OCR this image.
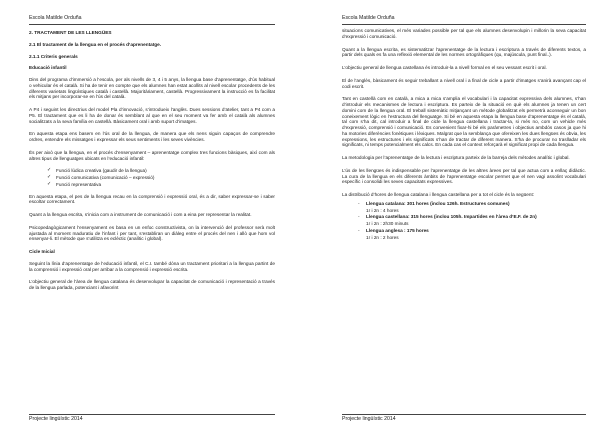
Escola Matilde Orduña
2. TRACTAMENT DE LES LLENGÜES
2.1 El tractament de la llengua en el procés d’aprenentatge.
2.1.1 Criteris generals
Educació infantil

Dins del programa d’immersió a l’escola, per als nivells de 3, 4 i 5 anys, la llengua base d’aprenentatge, d’ús habitual o vehicular és el català. Si ha de tenir en compte que els alumnes han estat acollits al nivell escolar procedents de les diferents varietats lingüístiques català i castellà. Majoritàriament, castellà. Progressivament la instrucció es fa facilitat els mitjans per incorporar-se en l’ús del català.

A P4 i seguint les directrius del model Pla d’innovació, s’introdueix l’anglès. Dues sessions d’atelier, tant a P4 com a P5. El tractament que es li ha de donar és semblant al que en el seu moment va fer amb el català als alumnes socialitzats a la seva família en castellà. Bàsicament oral i amb suport d’imatges.

En aquesta etapa ens basem en l’ús oral de la llengua, de manera que els nens siguin capaços de comprendre ordres, entendre els missatges i expressar els seus sentiments i les seves vivències.

És per això que la llengua, en el procés d’ensenyament – aprenentatge complex tres funcions bàsiques, així com als altres tipus de llenguatges ubicats en l’educació infantil:

✓ Funció lúdica creativa (gaudir de la llengua)
✓ Funció comunicativa (comunicació – expressió)
✓ Funció representativa

En aquesta etapa, el pes de la llengua recau en la comprensió i expressió oral, és a dir, saber expressar-se i saber escoltar correctament.

Quant a la llengua escrita, s’inicia com a instrument de comunicació i com a eina per representar la realitat.

Psicopedagògicament l’ensenyament es basa en un enfoc constructivista, on la intervenció del professor serà molt ajustada al moment maduratiu de l’infant i per tant, s’establiran un diàleg entre el procés del nen i allò que hom vol ensenyar-li. El mètode que s’utilitza es eclèctic (analític i global).

Cicle Inicial

Seguint la línia d’aprenentatge de l’educació infantil, el C.I. també dóna un tractament prioritari a la llengua partint de la comprensió i expressió oral per arribar a la comprensió i expressió escrita.

L’objectiu general de l’àrea de llengua catalana és desenvolupar la capacitat de comunicació i representació a través de la llengua parlada, potenciant i afavorint

Projecte lingüístic 2014
Escola Matilde Orduña

situacions comunicatives, el més variades possible per tal que els alumnes desenvolupin i millorin la seva capacitat d’expressió i comunicació.

Quant a la llengua escrita, es sistematitzar l’aprenentatge de la lectura i escriptura a través de diferents textos, a partir dels quals es fa una reflexió elemental de les normes ortogràfiques (qu, majúscula, punt final..).

L’objectiu general de llengua castellana és introduir-la a nivell formal en el seu vessant escrit i oral.

El de l’anglès, bàsicament és seguir treballant a nivell oral i a final de cicle a partir d’imatges s’anirà avançant cap el codi escrit.

Tant en castellà com en català, a mica a mica s’amplia el vocabulari i la capacitat expressiva dels alumnes, s’han d’introduir els mecanismes de lectura i escriptura. Es parteix de la situació en què els alumnes ja tenen un cert domini com de la llengua oral. El treball sistemàtic mitjançant un mètode globalitzat els permetrà aconseguir un bon coneixement lògic en l’estructura del llenguatge. Si bé en aquesta etapa la llengua base d’aprenentatge és el català, tal com s’ha dit, cal introduir a final de cicle la llengua castellana i tractar-la, si més no, com un vehicle més d’expressió, comprensió i comunicació. Es convenient fixar-hi bé els paràmetres i objectius ambdós casos ja que hi ha motories diferències fonètiques i lèxiques. Malgrat que la semblança que ofereixen les dues llengües és obvia, les expressions, les estructures i els significats s’han de tractar de diferent manera. S’ha de procurar no traslladar els significats, ni temps potencialment els calcs. En cada cas el context reforçarà el significat propi de cada llengua.

La metodologia per l’aprenentatge de la lectura i escriptura parteix de la barreja dels mètodes analític i global.

L’ús de les llengües és indispensable per l’aprenentatge de les altres àrees per tal que actua com a enllaç didàctic. La cura de la llengua en els diferents àmbits de l’aprenentatge escolar permet que el nen vagi assolint vocabulari específic i consolidi les seves capacitats expressives.

La distribució d’hores de llengua catalana i llengua castellana per a tot el cicle és la següent:

- Llengua catalana: 301 hores (inclou 126h. Estructures comunes)
1r i 2n : 4 hores
- Llengua castellana: 315 hores (inclou 105h. Impartides en l’àrea d’E.F. de 2n)
1r i 2n : 2h30 minuts
- Llengua anglesa : 175 hores
1r i 2n : 2 hores
Projecte lingüístic 2014
